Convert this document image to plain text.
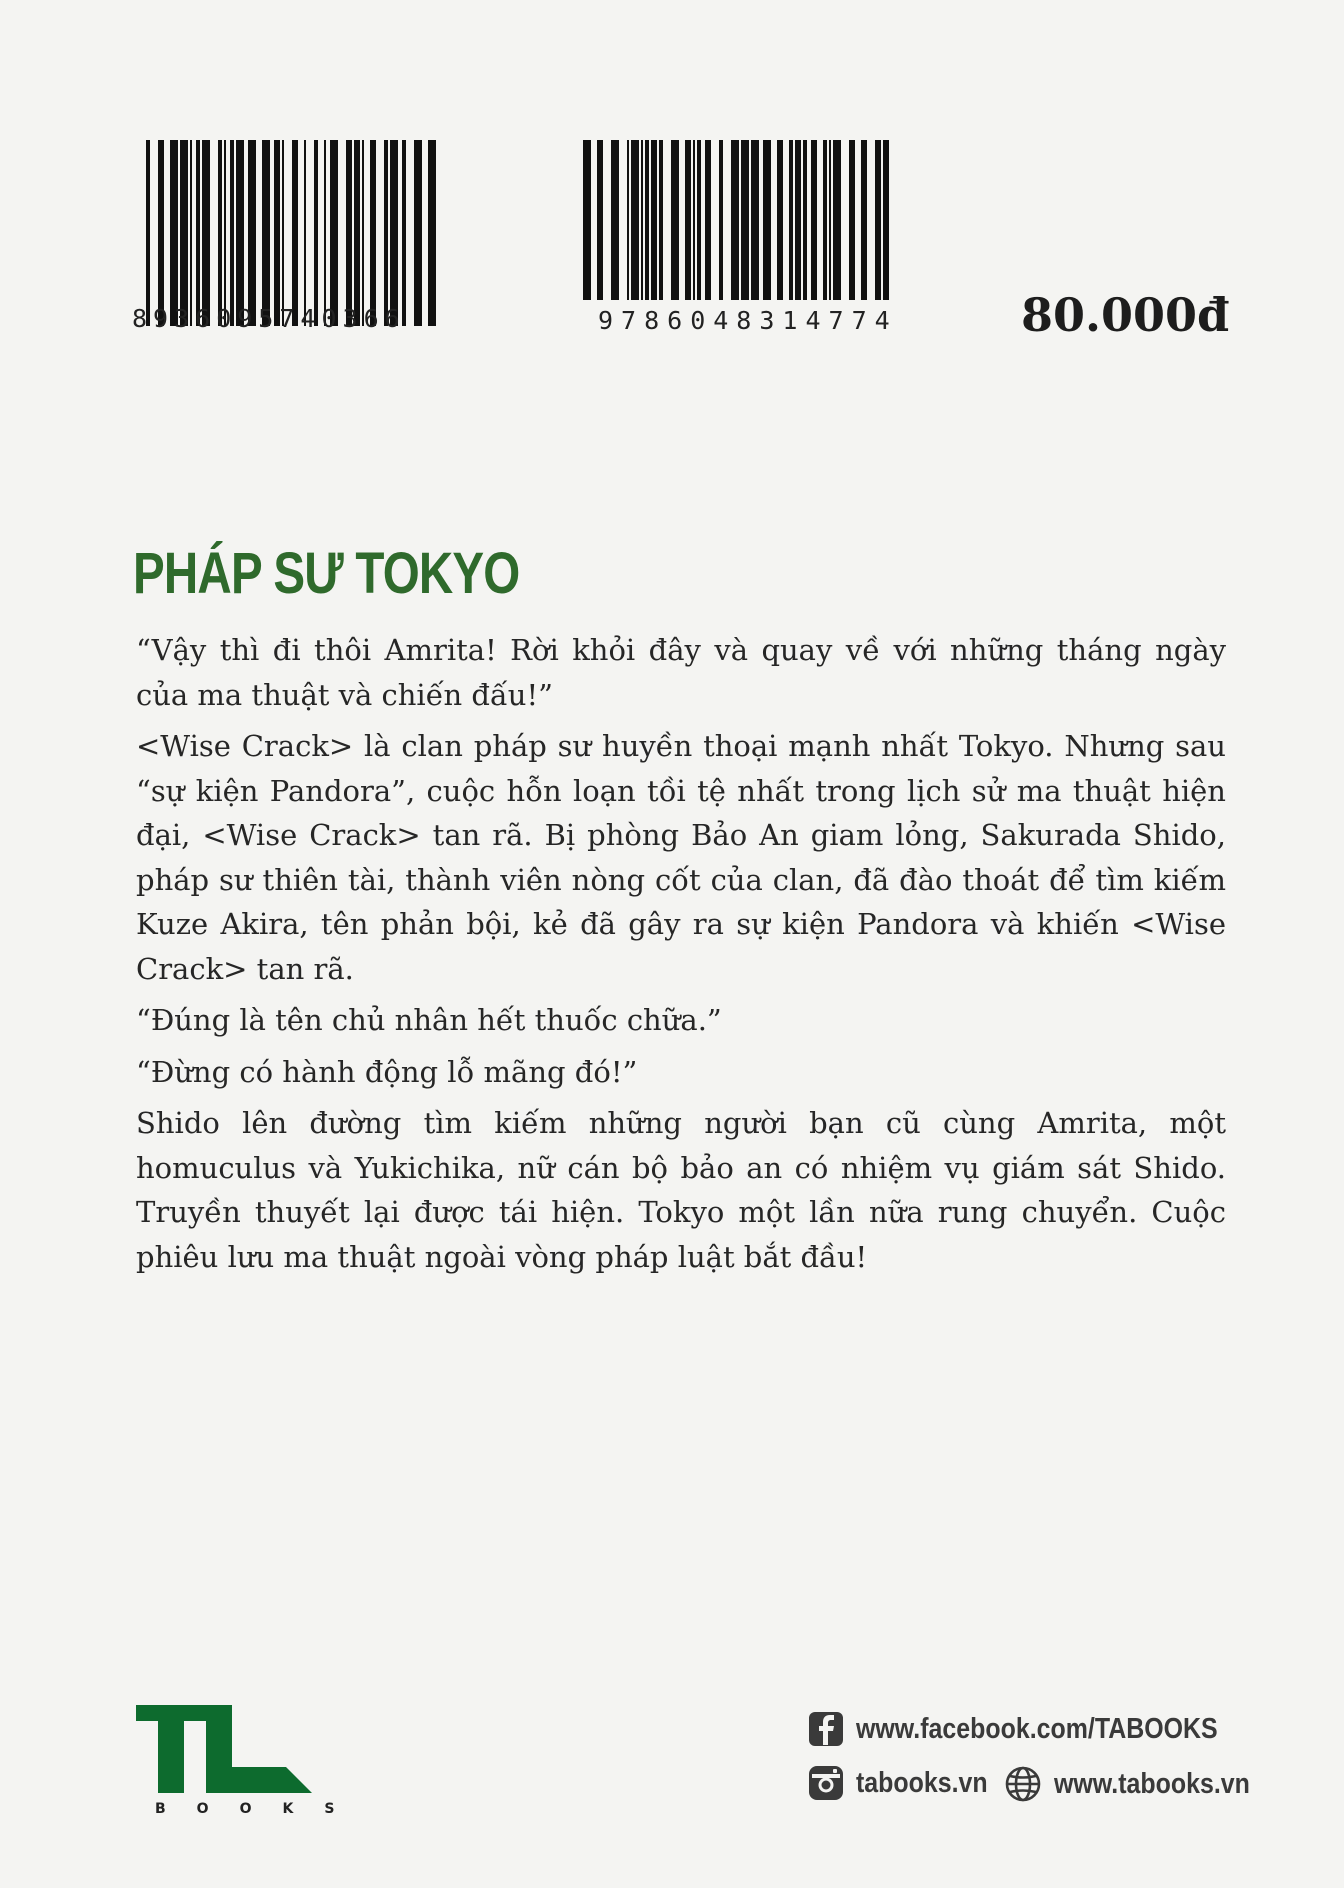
8936095740366	9786048314774	80.000đ
PHÁP SƯ TOKYO

“Vậy thì đi thôi Amrita! Rời khỏi đây và quay về với những tháng ngày của ma thuật và chiến đấu!”

<Wise Crack> là clan pháp sư huyền thoại mạnh nhất Tokyo. Nhưng sau “sự kiện Pandora”, cuộc hỗn loạn tồi tệ nhất trong lịch sử ma thuật hiện đại, <Wise Crack> tan rã. Bị phòng Bảo An giam lỏng, Sakurada Shido, pháp sư thiên tài, thành viên nòng cốt của clan, đã đào thoát để tìm kiếm Kuze Akira, tên phản bội, kẻ đã gây ra sự kiện Pandora và khiến <Wise Crack> tan rã.

“Đúng là tên chủ nhân hết thuốc chữa.”

“Đừng có hành động lỗ mãng đó!”

Shido lên đường tìm kiếm những người bạn cũ cùng Amrita, một homuculus và Yukichika, nữ cán bộ bảo an có nhiệm vụ giám sát Shido. Truyền thuyết lại được tái hiện. Tokyo một lần nữa rung chuyển. Cuộc phiêu lưu ma thuật ngoài vòng pháp luật bắt đầu!

BOOKS
www.facebook.com/TABOOKS
tabooks.vn www.tabooks.vn
